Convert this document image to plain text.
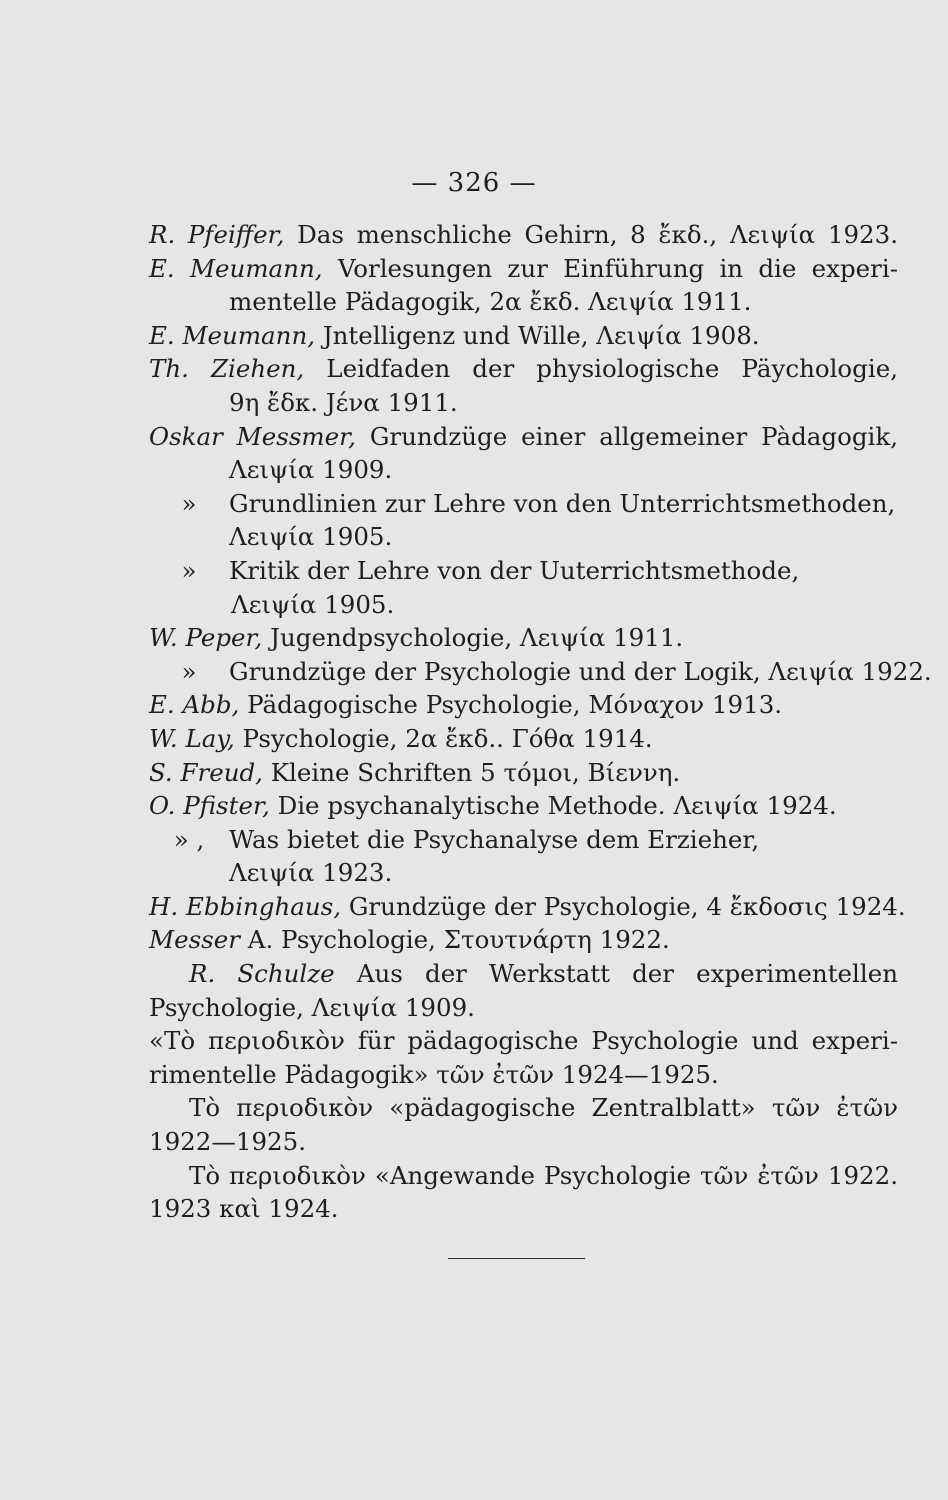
— 326 —
R. Pfeiffer, Das menschliche Gehirn, 8 ἔκδ., Λειψία 1923.
E. Meumann, Vorlesungen zur Einführung in die experi-
mentelle Pädagogik, 2α ἔκδ. Λειψία 1911.
E. Meumann, Jntelligenz und Wille, Λειψία 1908.
Th. Ziehen, Leidfaden der physiologische Päychologie,
9η ἔδκ. Jένα 1911.
Oskar Messmer, Grundzüge einer allgemeiner Pàdagogik,
Λειψία 1909.
» Grundlinien zur Lehre von den Unterrichtsmethoden,
Λειψία 1905.
» Kritik der Lehre von der Uuterrichtsmethode,
Λειψία 1905.
W. Peper, Jugendpsychologie, Λειψία 1911.
» Grundzüge der Psychologie und der Logik, Λειψία 1922.
E. Abb, Pädagogische Psychologie, Μόναχον 1913.
W. Lay, Psychologie, 2α ἔκδ.. Γόθα 1914.
S. Freud, Kleine Schriften 5 τόμοι, Βίεννη.
O. Pfister, Die psychanalytische Methode. Λειψία 1924.
» , Was bietet die Psychanalyse dem Erzieher,
Λειψία 1923.
H. Ebbinghaus, Grundzüge der Psychologie, 4 ἔκδοσις 1924.
Messer A. Psychologie, Στουτνάρτη 1922.
R. Schulze Aus der Werkstatt der experimentellen
Psychologie, Λειψία 1909.
«Τὸ περιοδικὸν für pädagogische Psychologie und experi-
rimentelle Pädagogik» τῶν ἐτῶν 1924—1925.
Τὸ περιοδικὸν «pädagogische Zentralblatt» τῶν ἐτῶν
1922—1925.
Τὸ περιοδικὸν «Angewande Psychologie τῶν ἐτῶν 1922.
1923 καὶ 1924.
